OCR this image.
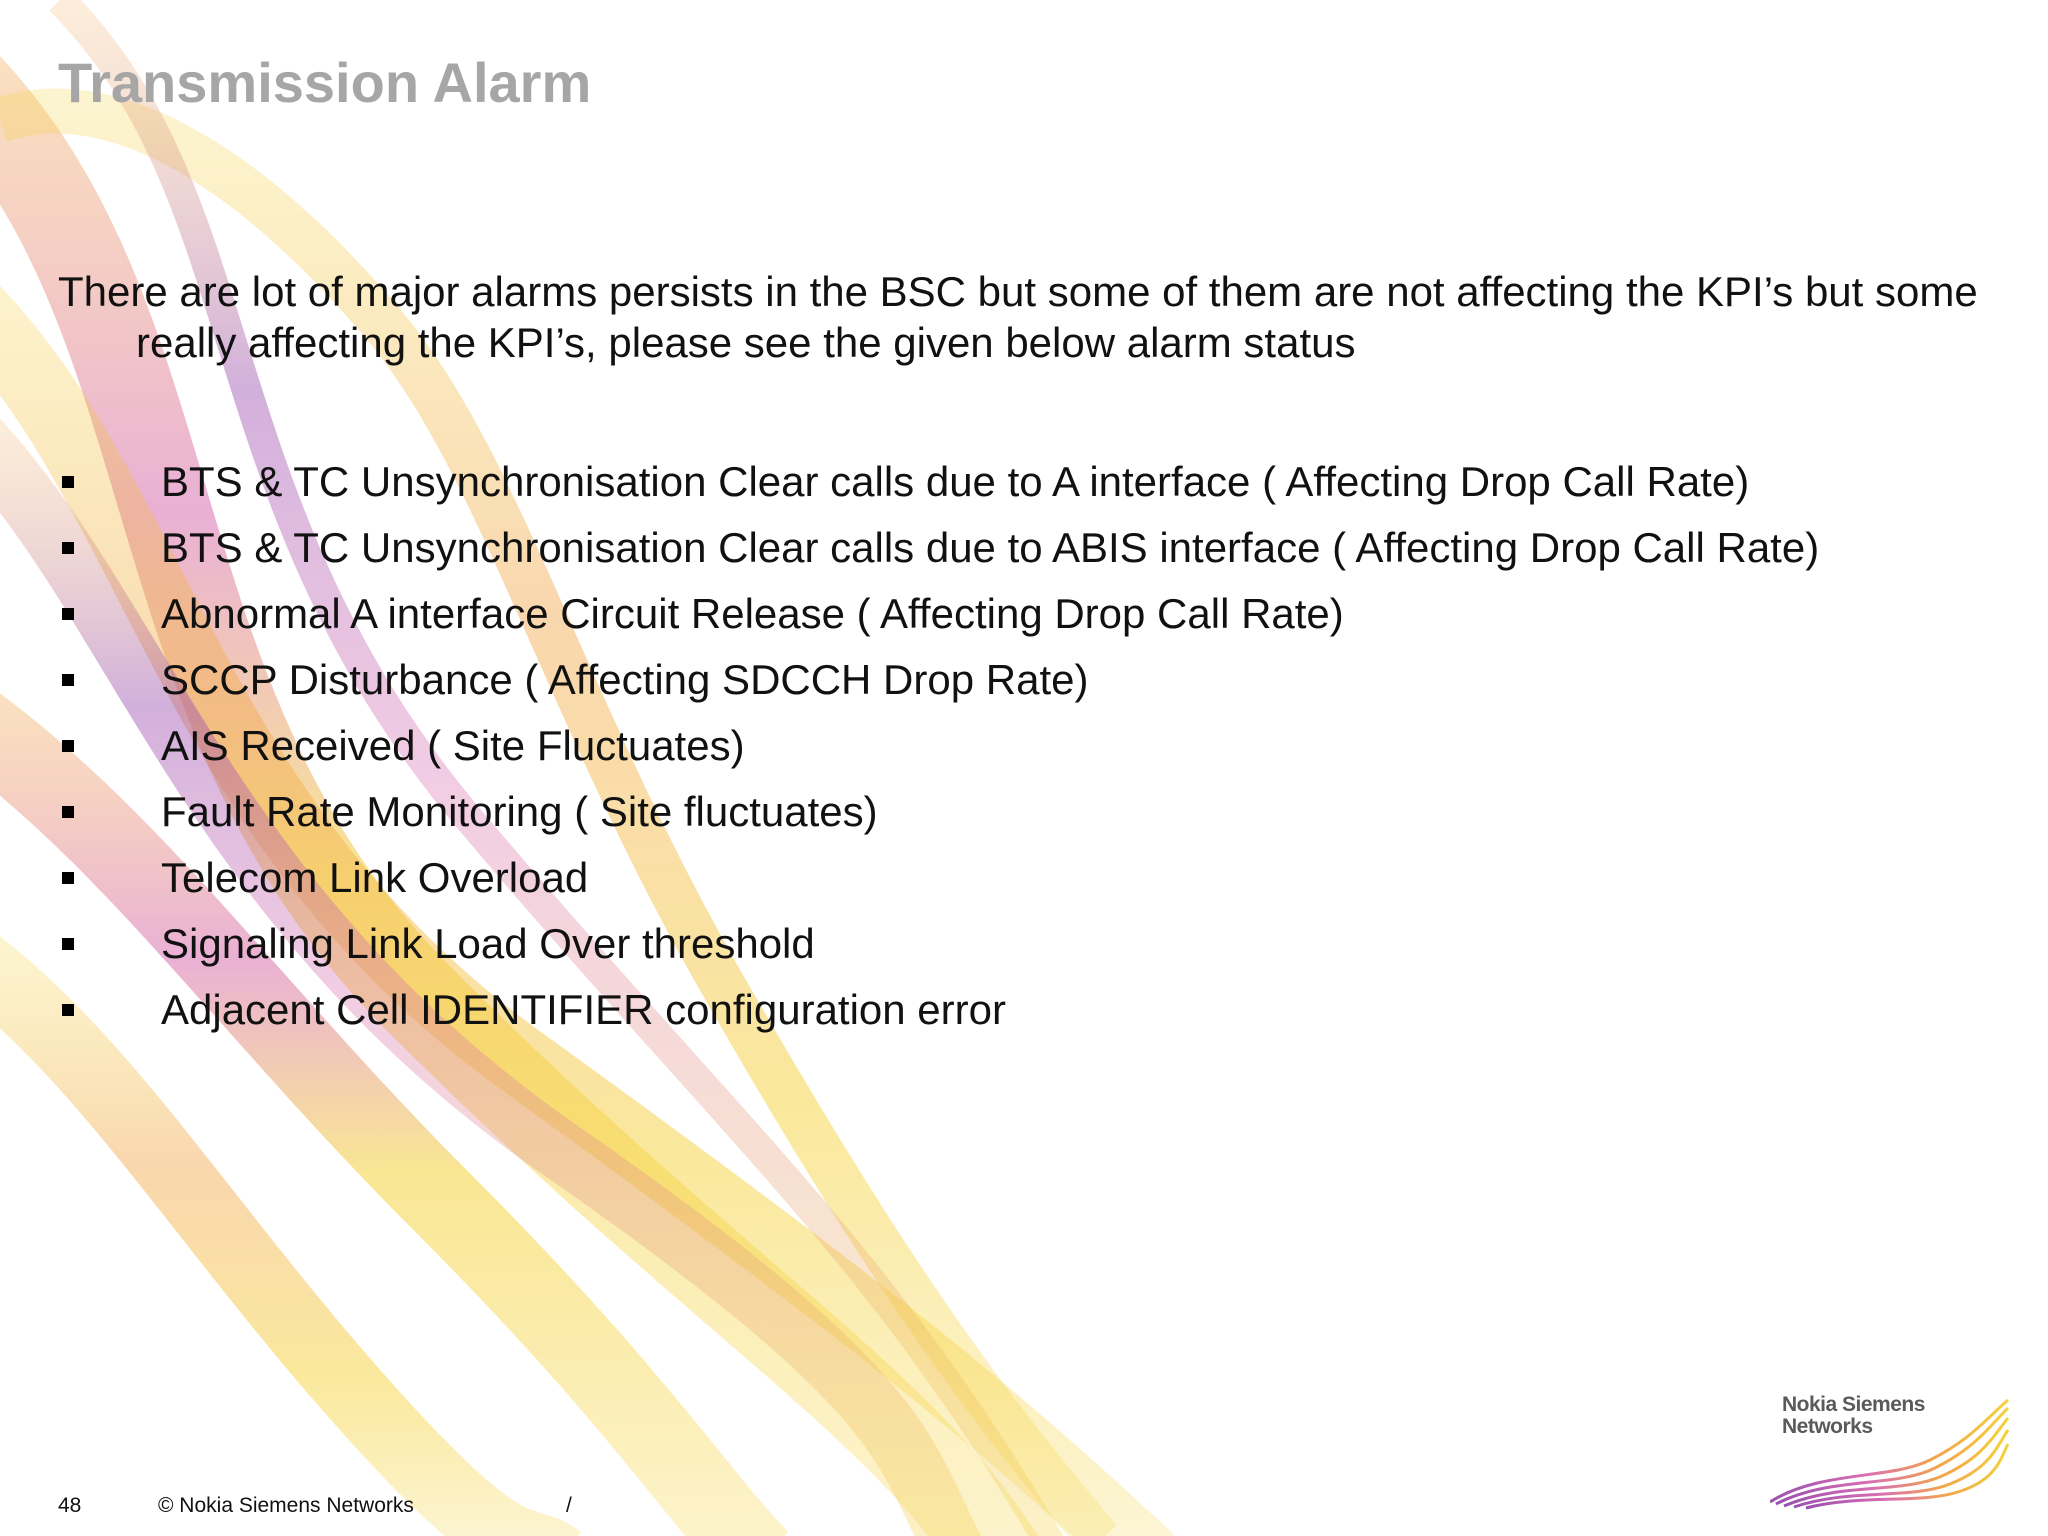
Transmission Alarm

There are lot of major alarms persists in the BSC but some of them are not affecting the KPI’s but some really affecting the KPI’s, please see the given below alarm status

BTS & TC Unsynchronisation Clear calls due to A interface ( Affecting Drop Call Rate)
BTS & TC Unsynchronisation Clear calls due to ABIS interface ( Affecting Drop Call Rate)
Abnormal A interface Circuit Release ( Affecting Drop Call Rate)
SCCP Disturbance ( Affecting SDCCH Drop Rate)
AIS Received ( Site Fluctuates)
Fault Rate Monitoring ( Site fluctuates)
Telecom Link Overload
Signaling Link Load Over threshold
Adjacent Cell IDENTIFIER configuration error
48	© Nokia Siemens Networks	/
Nokia Siemens
Networks
